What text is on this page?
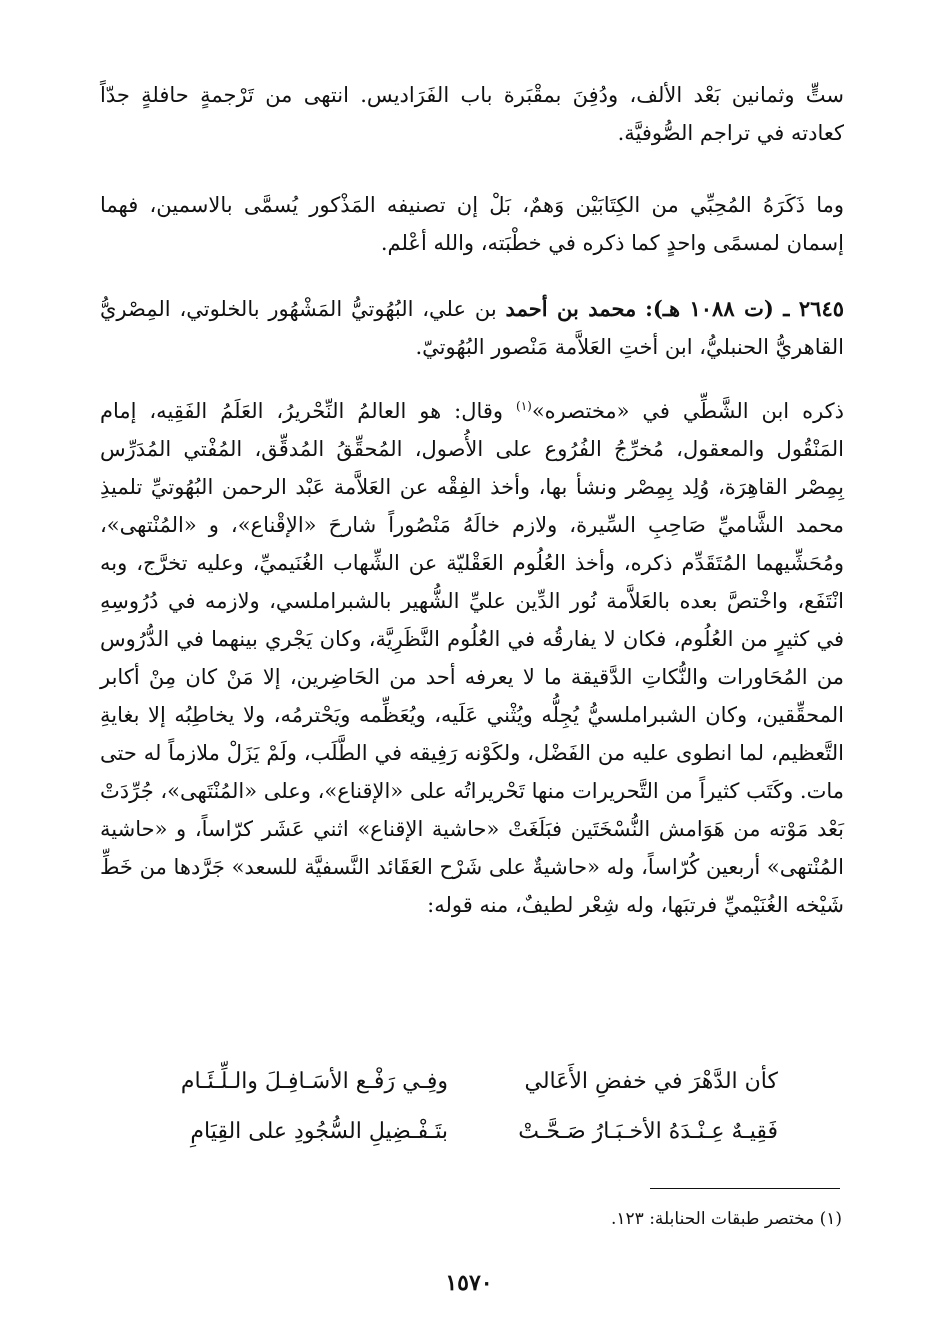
ستٍّ وثمانين بَعْد الألف، ودُفِنَ بمقْبَرة باب الفَرَاديس. انتهى من تَرْجمةٍ حافلةٍ جدّاً كعادته في تراجم الصُّوفيَّة.

وما ذَكَرَهُ المُحِبِّي من الكِتَابَيْن وَهمٌ، بَلْ إن تصنيفه المَذْكور يُسمَّى بالاسمين، فهما إسمان لمسمًى واحدٍ كما ذكره في خطْبَته، والله أعْلم.

٢٦٤٥ ـ (ت ١٠٨٨ هـ): محمد بن أحمد بن علي، البُهُوتيُّ المَشْهُور بالخلوتي، المِصْريُّ القاهريُّ الحنبليُّ، ابن أختِ العَلاَّمة مَنْصور البُهُوتيّ.

ذكره ابن الشَّطِّي في «مختصره»$^{(١)}$ وقال: هو العالمُ النِّحْريرُ، العَلَمُ الفَقِيه، إمام المَنْقُول والمعقول، مُخرِّجُ الفُرُوع على الأُصول، المُحقِّقُ المُدقِّق، المُفْتي المُدَرِّس بِمِصْر القاهِرَة، وُلِد بِمِصْر ونشأ بها، وأخذ الفِقْه عن العَلاَّمة عَبْد الرحمن البُهُوتيِّ تلميذِ محمد الشَّاميِّ صَاحِبِ السِّيرة، ولازم خالَهُ مَنْصُوراً شارحَ «الإقْناع»، و «المُنْتهى»، ومُحَشِّيهما المُتَقَدِّم ذكره، وأخذ العُلُوم العَقْليّة عن الشِّهاب الغُنَيميِّ، وعليه تخرَّج، وبه انْتَفَع، واخْتصَّ بعده بالعَلاَّمة نُور الدِّين عليِّ الشُّهير بالشبراملسي، ولازمه في دُرُوسِهِ في كثيرٍ من العُلُوم، فكان لا يفارقُه في العُلُوم النَّظَرِيَّة، وكان يَجْري بينهما في الدُّرُوس من المُحَاورات والنُّكاتِ الدَّقيقة ما لا يعرفه أحد من الحَاضِرين، إلا مَنْ كان مِنْ أكابر المحقِّقين، وكان الشبراملسيُّ يُجِلُّه ويُثْني عَلَيه، ويُعَظِّمه ويَحْترمُه، ولا يخاطِبُه إلا بغايةِ التَّعظيم، لما انطوى عليه من الفَضْل، ولكَوْنه رَفِيقه في الطَّلَب، ولَمْ يَزَلْ ملازماً له حتى مات. وكَتَب كثيراً من التَّحريرات منها تَحْريراتُه على «الإقناع»، وعلى «المُنْتَهى»، جُرِّدَتْ بَعْد مَوْته من هَوَامش النُّسْخَتَين فبَلَغَتْ «حاشية الإقناع» اثني عَشَر كرّاساً، و «حاشية المُنْتهى» أربعين كُرّاساً، وله «حاشيةٌ على شَرْح العَقَائد النَّسفيَّة للسعد» جَرَّدها من خَطِّ شَيْخه الغُنَيْميِّ فرتبَها، وله شِعْر لطيفٌ، منه قوله:

كأن الدَّهْرَ في خفضِ الأَعَالي
وفِـي رَفْـع الأسَـافِـلَ والـلِّـئَـام
فَقِيـهٌ عِـنْـدَهُ الأخـبَـارُ صَـحَّـتْ
بتَـفْـضِيلِ السُّجُودِ على القِيَامِ
(١) مختصر طبقات الحنابلة: ١٢٣.
١٥٧٠
